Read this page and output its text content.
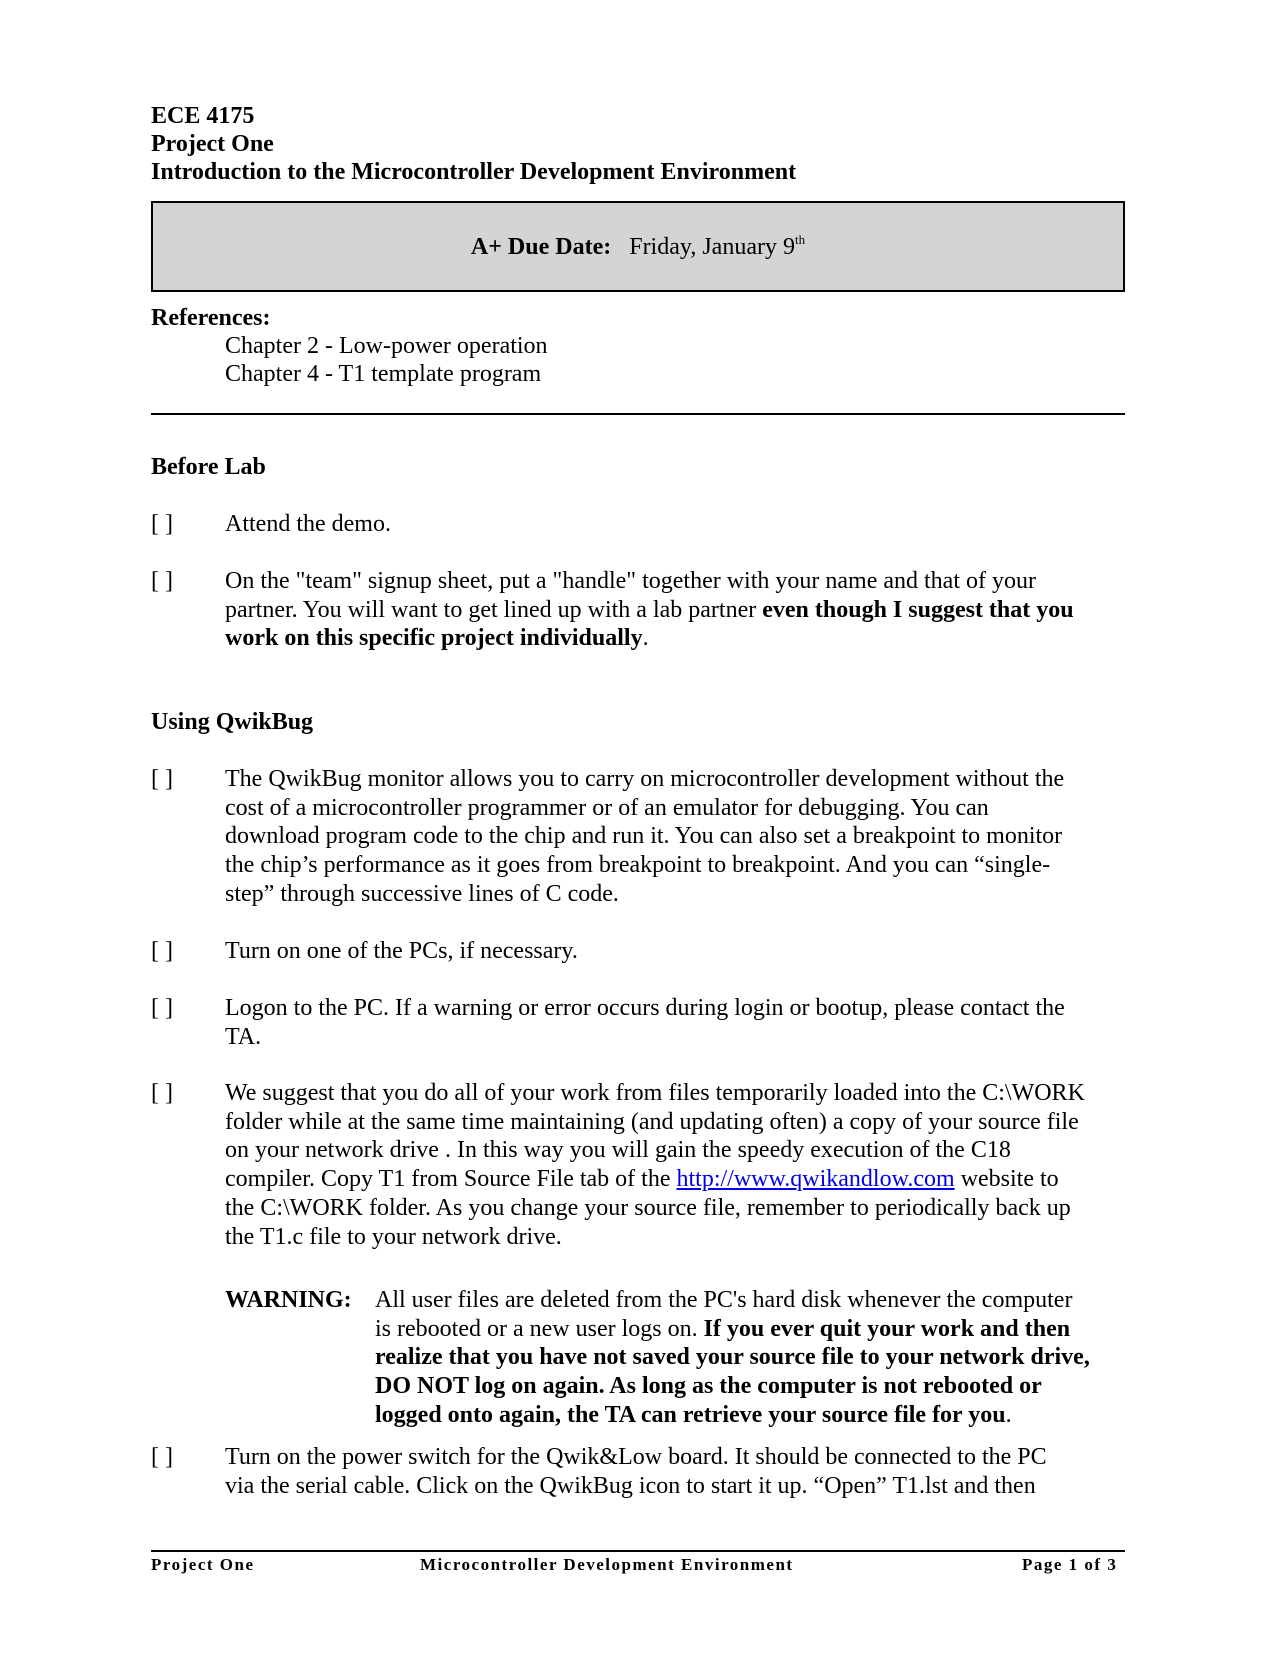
ECE 4175
Project One
Introduction to the Microcontroller Development Environment
A+ Due Date: Friday, January 9th
References:
Chapter 2 - Low-power operation
Chapter 4 - T1 template program
Before Lab
[ ] Attend the demo.
[ ] On the "team" signup sheet, put a "handle" together with your name and that of your
partner. You will want to get lined up with a lab partner even though I suggest that you
work on this specific project individually.
Using QwikBug
[ ] The QwikBug monitor allows you to carry on microcontroller development without the
cost of a microcontroller programmer or of an emulator for debugging. You can
download program code to the chip and run it. You can also set a breakpoint to monitor
the chip’s performance as it goes from breakpoint to breakpoint. And you can “single-
step” through successive lines of C code.
[ ] Turn on one of the PCs, if necessary.
[ ] Logon to the PC. If a warning or error occurs during login or bootup, please contact the
TA.
[ ] We suggest that you do all of your work from files temporarily loaded into the C:\WORK
folder while at the same time maintaining (and updating often) a copy of your source file
on your network drive . In this way you will gain the speedy execution of the C18
compiler. Copy T1 from Source File tab of the http://www.qwikandlow.com website to
the C:\WORK folder. As you change your source file, remember to periodically back up
the T1.c file to your network drive.
WARNING: All user files are deleted from the PC's hard disk whenever the computer
is rebooted or a new user logs on. If you ever quit your work and then
realize that you have not saved your source file to your network drive,
DO NOT log on again. As long as the computer is not rebooted or
logged onto again, the TA can retrieve your source file for you.
[ ] Turn on the power switch for the Qwik&Low board. It should be connected to the PC
via the serial cable. Click on the QwikBug icon to start it up. “Open” T1.lst and then
Project One	Microcontroller Development Environment	Page 1 of 3
